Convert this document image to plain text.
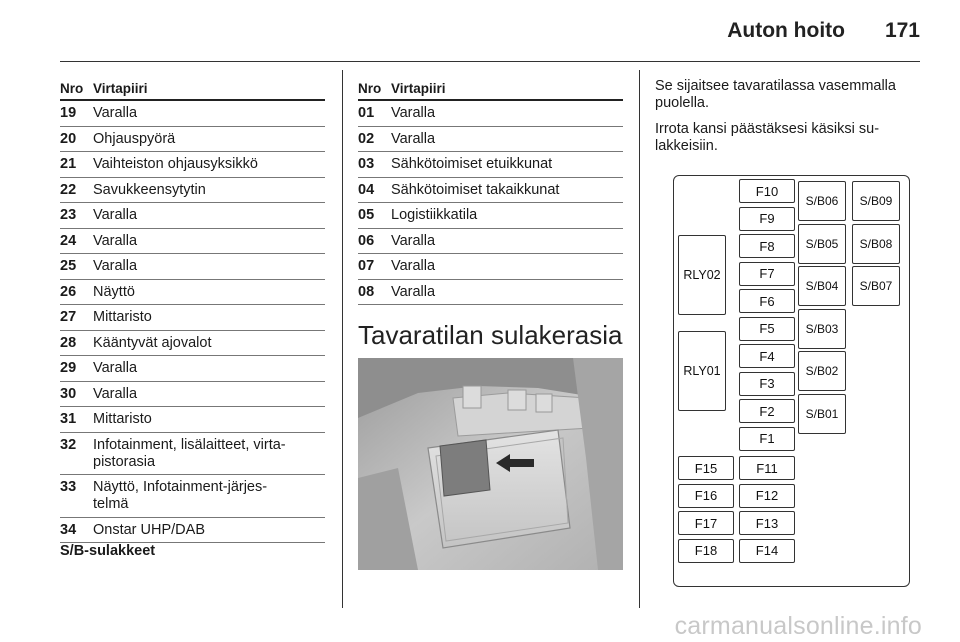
Auton hoito 171
Nro	Virtapiiri
19	Varalla
20	Ohjauspyörä
21	Vaihteiston ohjausyksikkö
22	Savukkeensytytin
23	Varalla
24	Varalla
25	Varalla
26	Näyttö
27	Mittaristo
28	Kääntyvät ajovalot
29	Varalla
30	Varalla
31	Mittaristo
32	Infotainment, lisälaitteet, virta-
pistorasia
33	Näyttö, Infotainment-järjes-
telmä
34	Onstar UHP/DAB
S/B-sulakkeet
Nro	Virtapiiri
01	Varalla
02	Varalla
03	Sähkötoimiset etuikkunat
04	Sähkötoimiset takaikkunat
05	Logistiikkatila
06	Varalla
07	Varalla
08	Varalla
Tavaratilan sulakerasia

Se sijaitsee tavaratilassa vasemmalla puolella.

Irrota kansi päästäksesi käsiksi su-lakkeisiin.

F10
F9
F8
F7
F6
F5
F4
F3
F2
F1
F15	F11
F16	F12
F17	F13
F18	F14
RLY02
RLY01
S/B06
S/B05
S/B04
S/B03
S/B02
S/B01
S/B09
S/B08
S/B07
carmanualsonline.info
